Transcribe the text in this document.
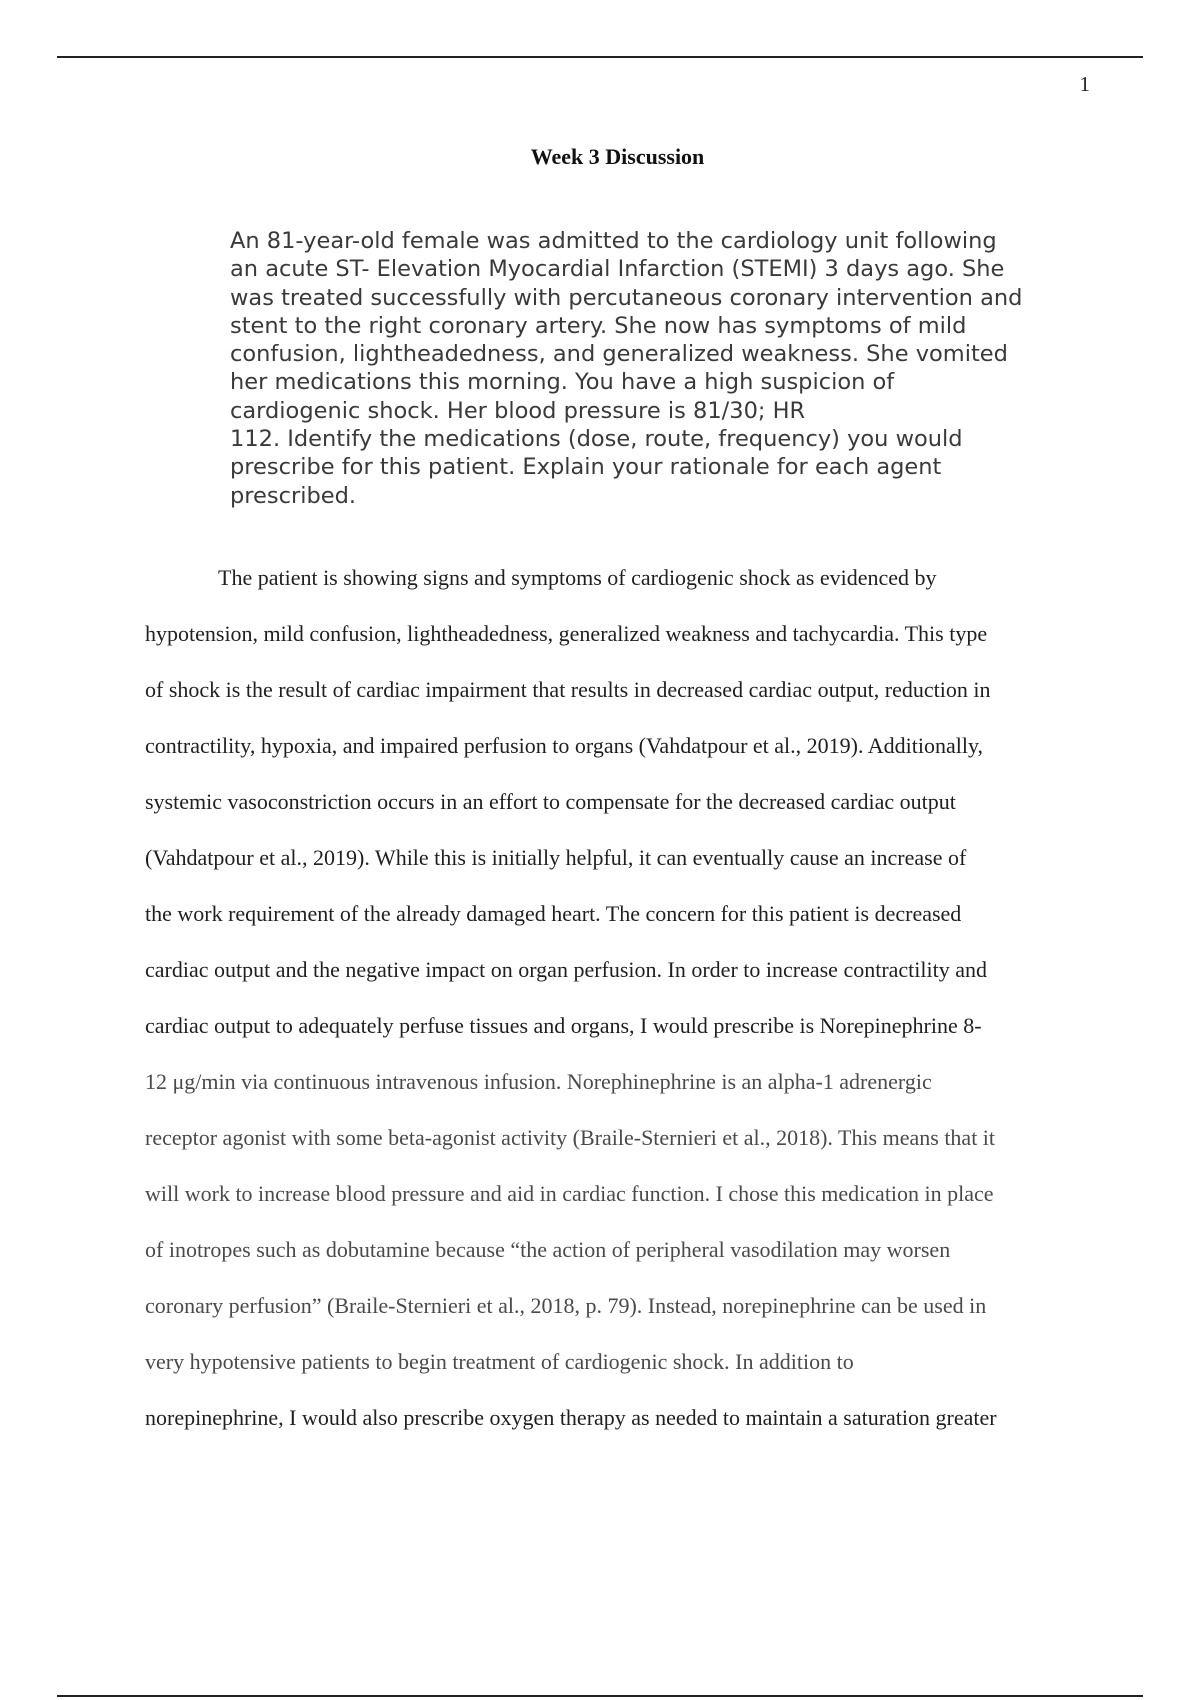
1
Week 3 Discussion
An 81-year-old female was admitted to the cardiology unit following
an acute ST- Elevation Myocardial Infarction (STEMI) 3 days ago. She
was treated successfully with percutaneous coronary intervention and
stent to the right coronary artery. She now has symptoms of mild
confusion, lightheadedness, and generalized weakness. She vomited
her medications this morning. You have a high suspicion of
cardiogenic shock. Her blood pressure is 81/30; HR
112. Identify the medications (dose, route, frequency) you would
prescribe for this patient. Explain your rationale for each agent
prescribed.
The patient is showing signs and symptoms of cardiogenic shock as evidenced by
hypotension, mild confusion, lightheadedness, generalized weakness and tachycardia. This type
of shock is the result of cardiac impairment that results in decreased cardiac output, reduction in
contractility, hypoxia, and impaired perfusion to organs (Vahdatpour et al., 2019). Additionally,
systemic vasoconstriction occurs in an effort to compensate for the decreased cardiac output
(Vahdatpour et al., 2019). While this is initially helpful, it can eventually cause an increase of
the work requirement of the already damaged heart. The concern for this patient is decreased
cardiac output and the negative impact on organ perfusion. In order to increase contractility and
cardiac output to adequately perfuse tissues and organs, I would prescribe is Norepinephrine 8-
12 μg/min via continuous intravenous infusion. Norephinephrine is an alpha-1 adrenergic
receptor agonist with some beta-agonist activity (Braile-Sternieri et al., 2018). This means that it
will work to increase blood pressure and aid in cardiac function. I chose this medication in place
of inotropes such as dobutamine because “the action of peripheral vasodilation may worsen
coronary perfusion” (Braile-Sternieri et al., 2018, p. 79). Instead, norepinephrine can be used in
very hypotensive patients to begin treatment of cardiogenic shock. In addition to
norepinephrine, I would also prescribe oxygen therapy as needed to maintain a saturation greater
